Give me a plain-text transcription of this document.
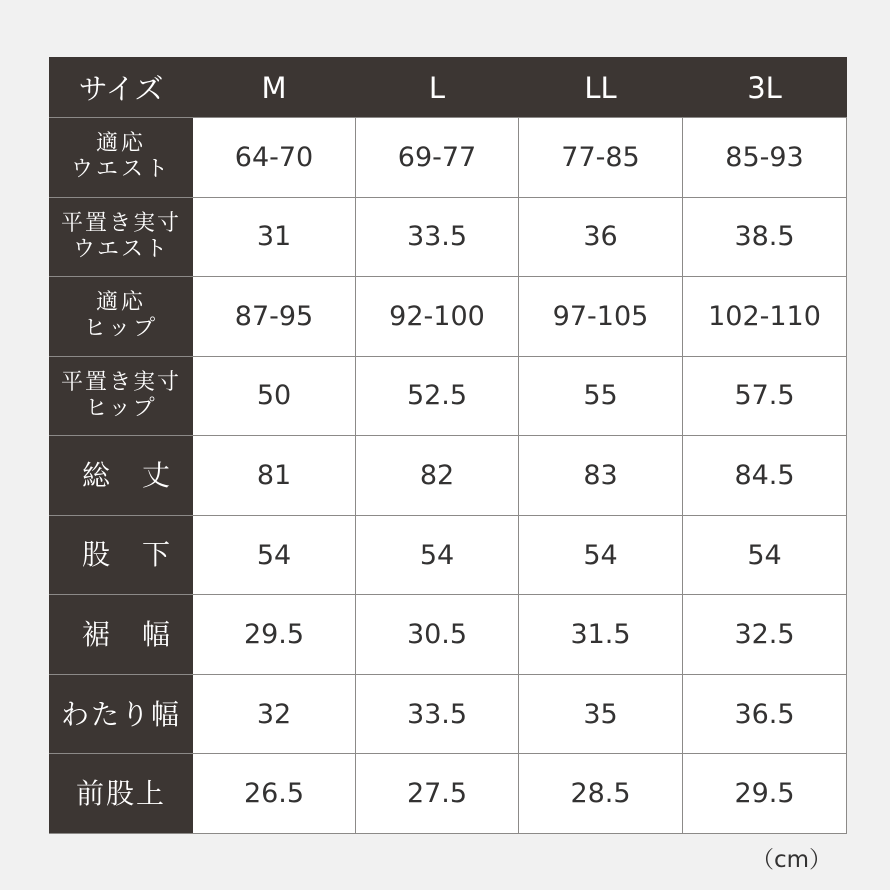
サイズ	M	L	LL	3L

適応
ウエスト	64-70	69-77	77-85	85-93

平置き実寸
ウエスト	31	33.5	36	38.5

適応
ヒップ	87-95	92-100	97-105	102-110

平置き実寸
ヒップ	50	52.5	55	57.5

総丈	81	82	83	84.5

股下	54	54	54	54

裾幅	29.5	30.5	31.5	32.5

わたり幅	32	33.5	35	36.5

前股上	26.5	27.5	28.5	29.5
（cm）
